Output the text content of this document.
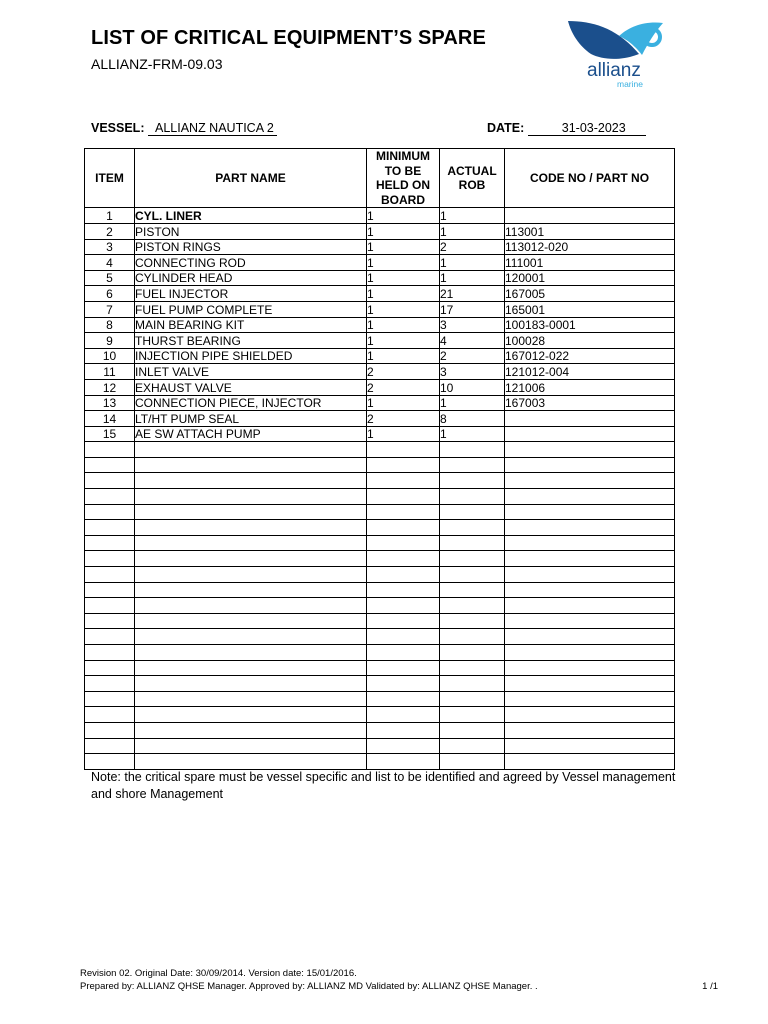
LIST OF CRITICAL EQUIPMENT’S SPARE
ALLIANZ-FRM-09.03	allianz
marine
VESSEL: ALLIANZ NAUTICA 2	DATE:	31-03-2023
ITEM	PART NAME	MINIMUM TO BE HELD ON BOARD	ACTUAL ROB	CODE NO / PART NO
1	CYL. LINER	1	1	
2	PISTON	1	1	113001
3	PISTON RINGS	1	2	113012-020
4	CONNECTING ROD	1	1	111001
5	CYLINDER HEAD	1	1	120001
6	FUEL INJECTOR	1	21	167005
7	FUEL PUMP COMPLETE	1	17	165001
8	MAIN BEARING KIT	1	3	100183-0001
9	THURST BEARING	1	4	100028
10	INJECTION PIPE SHIELDED	1	2	167012-022
11	INLET VALVE	2	3	121012-004
12	EXHAUST VALVE	2	10	121006
13	CONNECTION PIECE, INJECTOR	1	1	167003
14	LT/HT PUMP SEAL	2	8	
15	AE SW ATTACH PUMP	1	1	

Note: the critical spare must be vessel specific and list to be identified and agreed by Vessel management and shore Management
Revision 02. Original Date: 30/09/2014. Version date: 15/01/2016.
Prepared by: ALLIANZ QHSE Manager. Approved by: ALLIANZ MD Validated by: ALLIANZ QHSE Manager. .	1 /1
